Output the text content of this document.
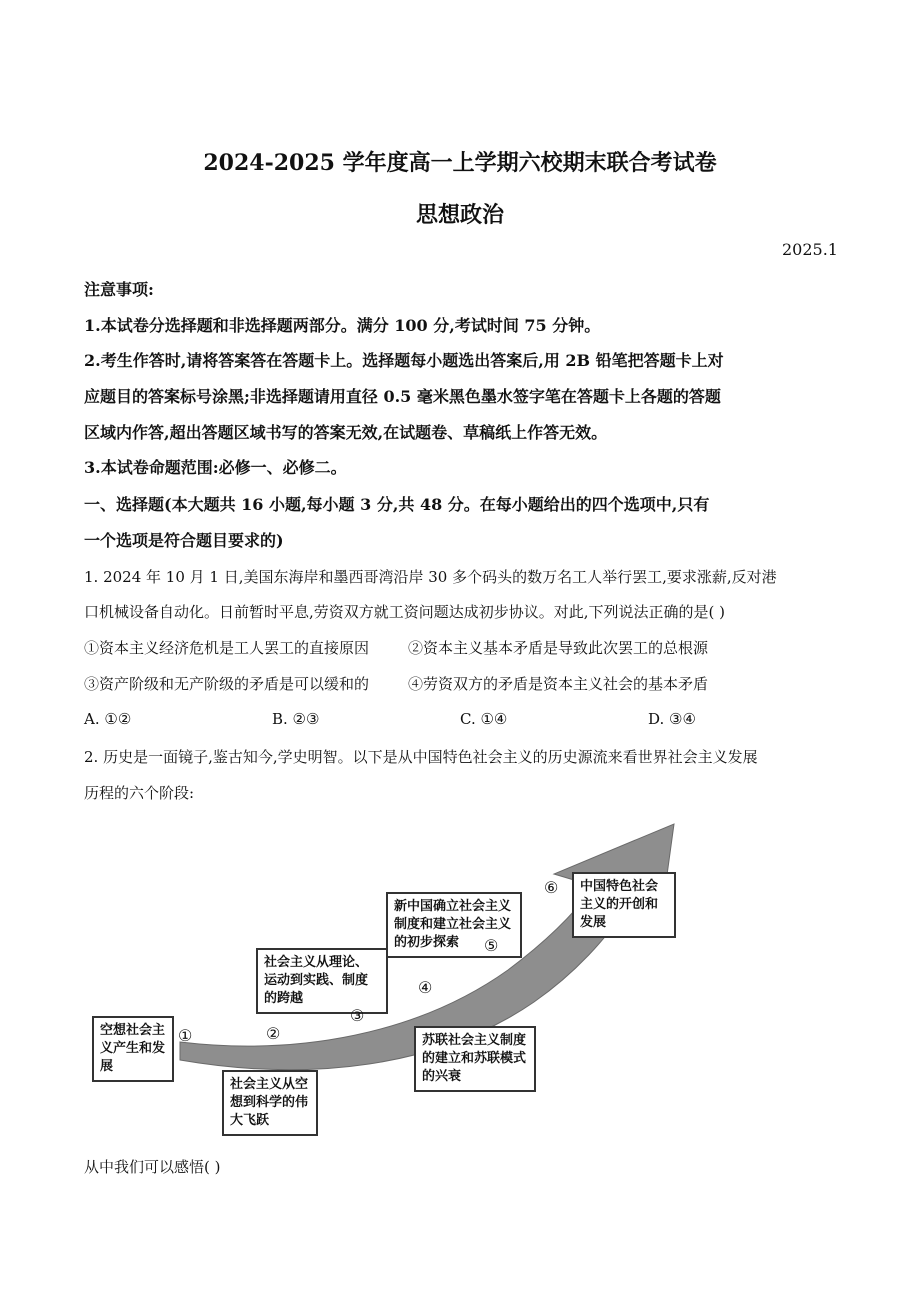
2024-2025 学年度高一上学期六校期末联合考试卷
思想政治
2025.1
注意事项:
1.本试卷分选择题和非选择题两部分。满分 100 分,考试时间 75 分钟。
2.考生作答时,请将答案答在答题卡上。选择题每小题选出答案后,用 2B 铅笔把答题卡上对
应题目的答案标号涂黑;非选择题请用直径 0.5 毫米黑色墨水签字笔在答题卡上各题的答题
区域内作答,超出答题区域书写的答案无效,在试题卷、草稿纸上作答无效。
3.本试卷命题范围:必修一、必修二。
一、选择题(本大题共 16 小题,每小题 3 分,共 48 分。在每小题给出的四个选项中,只有
一个选项是符合题目要求的)
1. 2024 年 10 月 1 日,美国东海岸和墨西哥湾沿岸 30 多个码头的数万名工人举行罢工,要求涨薪,反对港
口机械设备自动化。日前暂时平息,劳资双方就工资问题达成初步协议。对此,下列说法正确的是( )
①资本主义经济危机是工人罢工的直接原因	②资本主义基本矛盾是导致此次罢工的总根源
③资产阶级和无产阶级的矛盾是可以缓和的	④劳资双方的矛盾是资本主义社会的基本矛盾
A. ①②	B. ②③	C. ①④	D. ③④
2. 历史是一面镜子,鉴古知今,学史明智。以下是从中国特色社会主义的历史源流来看世界社会主义发展
历程的六个阶段:
空想社会主义产生和发展
社会主义从空想到科学的伟大飞跃
社会主义从理论、运动到实践、制度的跨越
苏联社会主义制度的建立和苏联模式的兴衰
新中国确立社会主义制度和建立社会主义的初步探索
中国特色社会主义的开创和发展
①	②
③
④
⑤
⑥
从中我们可以感悟( )
